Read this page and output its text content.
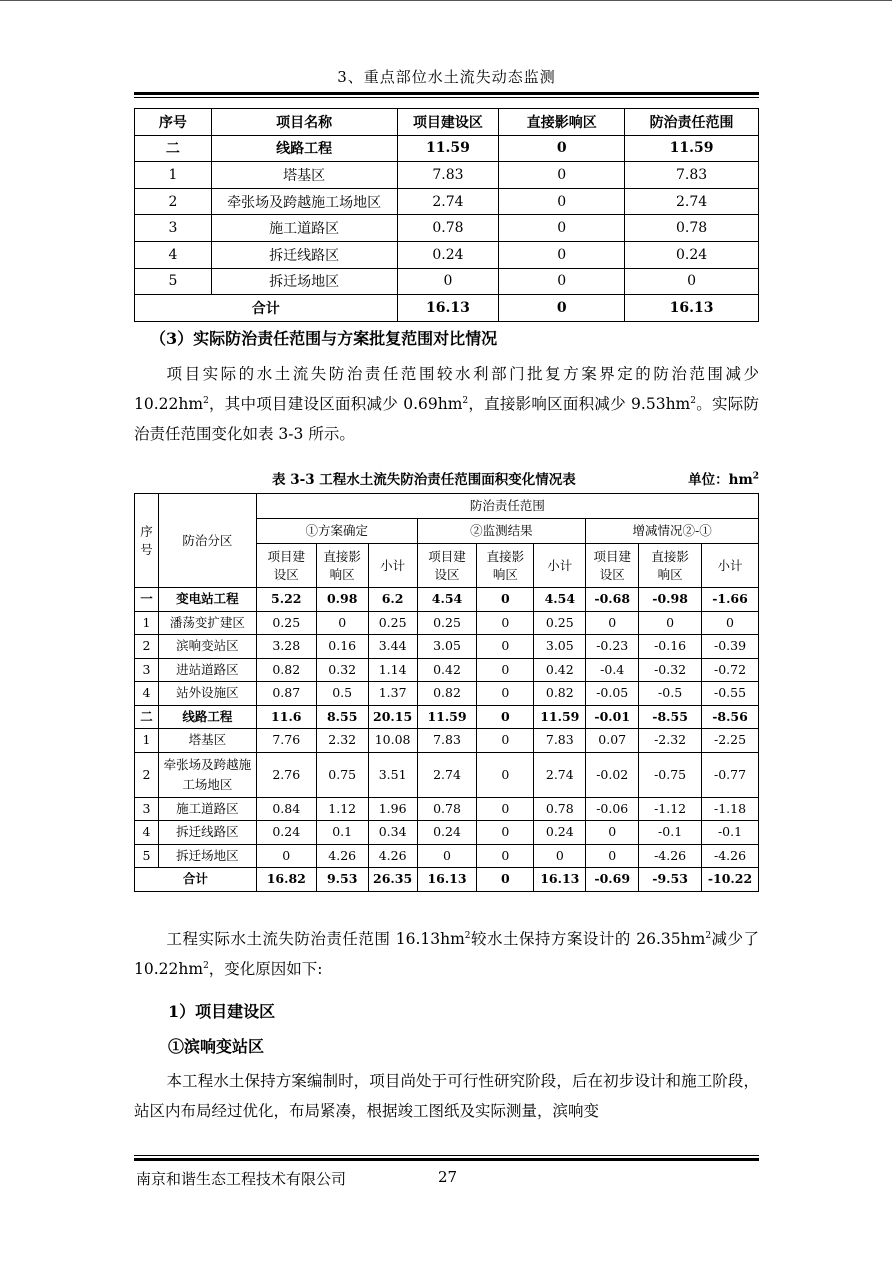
3、重点部位水土流失动态监测
序号	项目名称	项目建设区	直接影响区	防治责任范围
二	线路工程	11.59	0	11.59
1	塔基区	7.83	0	7.83
2	牵张场及跨越施工场地区	2.74	0	2.74
3	施工道路区	0.78	0	0.78
4	拆迁线路区	0.24	0	0.24
5	拆迁场地区	0	0	0
合计		16.13	0	16.13
（3）实际防治责任范围与方案批复范围对比情况
项目实际的水土流失防治责任范围较水利部门批复方案界定的防治范围减少 $10.22hm^2$，其中项目建设区面积减少 $0.69hm^2$，直接影响区面积减少 $9.53hm^2$。实际防治责任范围变化如表 3-3 所示。
表 3-3 工程水土流失防治责任范围面积变化情况表	单位：$hm^2$
序号	防治分区	防治责任范围								
		①方案确定			②监测结果			增减情况②-①		

		项目建设区	直接影响区	小计	项目建设区	直接影响区	小计	项目建设区	直接影响区	小计

一	变电站工程	5.22	0.98	6.2	4.54	0	4.54	-0.68	-0.98	-1.66
1	潘荡变扩建区	0.25	0	0.25	0.25	0	0.25	0	0	0
2	滨响变站区	3.28	0.16	3.44	3.05	0	3.05	-0.23	-0.16	-0.39
3	进站道路区	0.82	0.32	1.14	0.42	0	0.42	-0.4	-0.32	-0.72
4	站外设施区	0.87	0.5	1.37	0.82	0	0.82	-0.05	-0.5	-0.55
二	线路工程	11.6	8.55	20.15	11.59	0	11.59	-0.01	-8.55	-8.56
1	塔基区	7.76	2.32	10.08	7.83	0	7.83	0.07	-2.32	-2.25
2	牵张场及跨越施工场地区	2.76	0.75	3.51	2.74	0	2.74	-0.02	-0.75	-0.77
3	施工道路区	0.84	1.12	1.96	0.78	0	0.78	-0.06	-1.12	-1.18
4	拆迁线路区	0.24	0.1	0.34	0.24	0	0.24	0	-0.1	-0.1
5	拆迁场地区	0	4.26	4.26	0	0	0	0	-4.26	-4.26
合计		16.82	9.53	26.35	16.13	0	16.13	-0.69	-9.53	-10.22
工程实际水土流失防治责任范围 $16.13hm^2$较水土保持方案设计的 $26.35hm^2$减少了 $10.22hm^2$，变化原因如下:
1）项目建设区
①滨响变站区
本工程水土保持方案编制时，项目尚处于可行性研究阶段，后在初步设计和施工阶段，站区内布局经过优化，布局紧凑，根据竣工图纸及实际测量，滨响变
南京和谐生态工程技术有限公司	27
